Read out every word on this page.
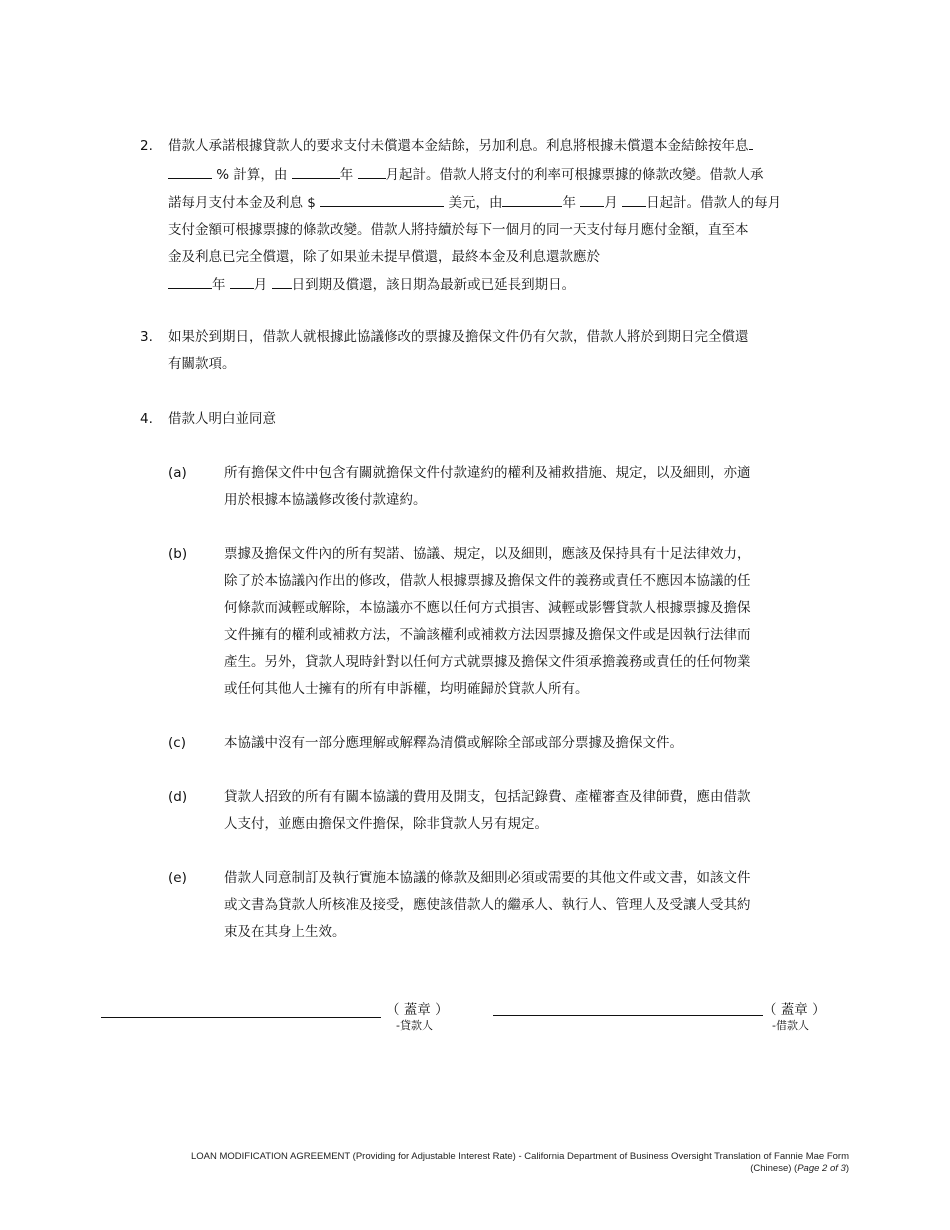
2. 借款人承諾根據貸款人的要求支付未償還本金結餘，另加利息。利息將根據未償還本金結餘按年息
% 計算，由	年 月起計。借款人將支付的利率可根據票據的條款改變。借款人承
諾每月支付本金及利息 $	美元，由	年 月 日起計。借款人的每月
支付金額可根據票據的條款改變。借款人將持續於每下一個月的同一天支付每月應付金額，直至本
金及利息已完全償還，除了如果並未提早償還，最終本金及利息還款應於
年 月 日到期及償還，該日期為最新或已延長到期日。
3. 如果於到期日，借款人就根據此協議修改的票據及擔保文件仍有欠款，借款人將於到期日完全償還
有關款項。
4. 借款人明白並同意
(a)	所有擔保文件中包含有關就擔保文件付款違約的權利及補救措施、規定，以及細則，亦適
用於根據本協議修改後付款違約。
(b)	票據及擔保文件內的所有契諾、協議、規定，以及細則，應該及保持具有十足法律效力，
除了於本協議內作出的修改，借款人根據票據及擔保文件的義務或責任不應因本協議的任
何條款而減輕或解除，本協議亦不應以任何方式損害、減輕或影響貸款人根據票據及擔保
文件擁有的權利或補救方法，不論該權利或補救方法因票據及擔保文件或是因執行法律而
產生。另外，貸款人現時針對以任何方式就票據及擔保文件須承擔義務或責任的任何物業
或任何其他人士擁有的所有申訴權，均明確歸於貸款人所有。
(c)	本協議中沒有一部分應理解或解釋為清償或解除全部或部分票據及擔保文件。
(d)	貸款人招致的所有有關本協議的費用及開支，包括記錄費、產權審查及律師費，應由借款
人支付，並應由擔保文件擔保，除非貸款人另有規定。
(e)	借款人同意制訂及執行實施本協議的條款及細則必須或需要的其他文件或文書，如該文件
或文書為貸款人所核准及接受，應使該借款人的繼承人、執行人、管理人及受讓人受其約
束及在其身上生效。
（ 蓋章 ）
-貸款人
（ 蓋章 ）
-借款人
LOAN MODIFICATION AGREEMENT (Providing for Adjustable Interest Rate) - California Department of Business Oversight Translation of Fannie Mae Form
(Chinese) (Page 2 of 3)
